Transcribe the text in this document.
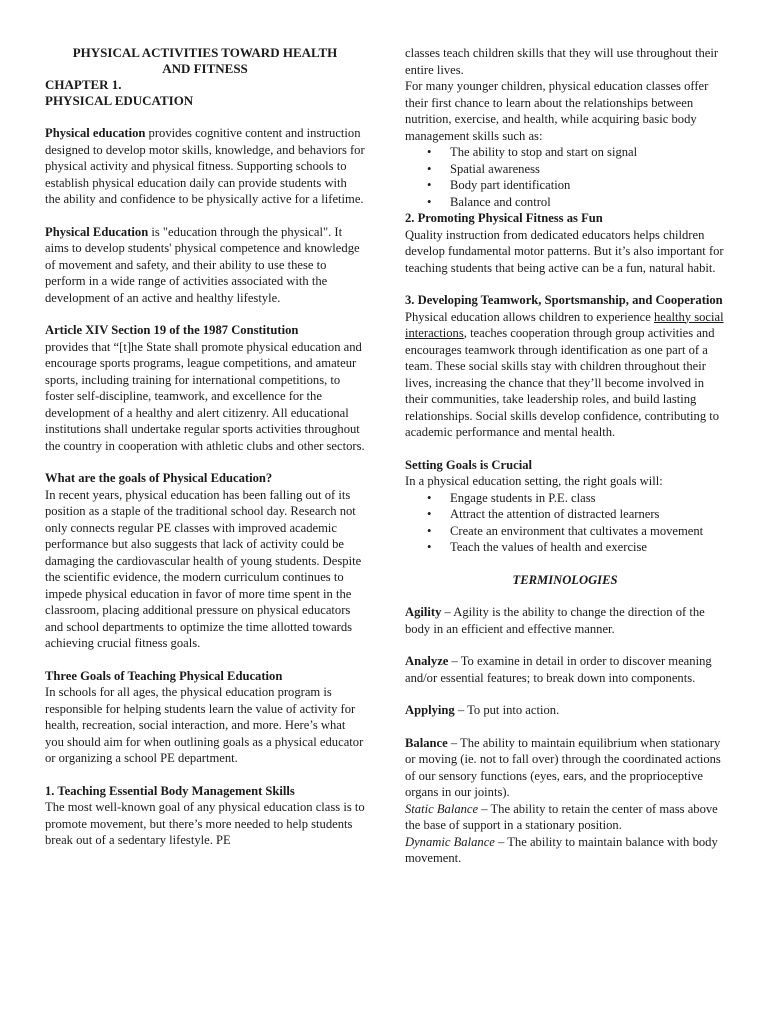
PHYSICAL ACTIVITIES TOWARD HEALTH
AND FITNESS

CHAPTER 1.
PHYSICAL EDUCATION

Physical education provides cognitive content and instruction designed to develop motor skills, knowledge, and behaviors for physical activity and physical fitness. Supporting schools to establish physical education daily can provide students with the ability and confidence to be physically active for a lifetime.

Physical Education is "education through the physical". It aims to develop students' physical competence and knowledge of movement and safety, and their ability to use these to perform in a wide range of activities associated with the development of an active and healthy lifestyle.

Article XIV Section 19 of the 1987 Constitution

provides that “[t]he State shall promote physical education and encourage sports programs, league competitions, and amateur sports, including training for international competitions, to foster self-discipline, teamwork, and excellence for the development of a healthy and alert citizenry. All educational institutions shall undertake regular sports activities throughout the country in cooperation with athletic clubs and other sectors.

What are the goals of Physical Education?

In recent years, physical education has been falling out of its position as a staple of the traditional school day. Research not only connects regular PE classes with improved academic performance but also suggests that lack of activity could be damaging the cardiovascular health of young students. Despite the scientific evidence, the modern curriculum continues to impede physical education in favor of more time spent in the classroom, placing additional pressure on physical educators and school departments to optimize the time allotted towards achieving crucial fitness goals.

Three Goals of Teaching Physical Education

In schools for all ages, the physical education program is responsible for helping students learn the value of activity for health, recreation, social interaction, and more. Here’s what you should aim for when outlining goals as a physical educator or organizing a school PE department.

1. Teaching Essential Body Management Skills

The most well-known goal of any physical education class is to promote movement, but there’s more needed to help students break out of a sedentary lifestyle. PE

classes teach children skills that they will use throughout their entire lives.

For many younger children, physical education classes offer their first chance to learn about the relationships between nutrition, exercise, and health, while acquiring basic body management skills such as:

• The ability to stop and start on signal
• Spatial awareness
• Body part identification
• Balance and control

2. Promoting Physical Fitness as Fun

Quality instruction from dedicated educators helps children develop fundamental motor patterns. But it’s also important for teaching students that being active can be a fun, natural habit.

3. Developing Teamwork, Sportsmanship, and Cooperation

Physical education allows children to experience healthy social interactions, teaches cooperation through group activities and encourages teamwork through identification as one part of a team. These social skills stay with children throughout their lives, increasing the chance that they’ll become involved in their communities, take leadership roles, and build lasting relationships. Social skills develop confidence, contributing to academic performance and mental health.

Setting Goals is Crucial

In a physical education setting, the right goals will:

• Engage students in P.E. class
• Attract the attention of distracted learners
• Create an environment that cultivates a movement
• Teach the values of health and exercise

TERMINOLOGIES

Agility – Agility is the ability to change the direction of the body in an efficient and effective manner.

Analyze – To examine in detail in order to discover meaning and/or essential features; to break down into components.

Applying – To put into action.

Balance – The ability to maintain equilibrium when stationary or moving (ie. not to fall over) through the coordinated actions of our sensory functions (eyes, ears, and the proprioceptive organs in our joints).

Static Balance – The ability to retain the center of mass above the base of support in a stationary position.

Dynamic Balance – The ability to maintain balance with body movement.
